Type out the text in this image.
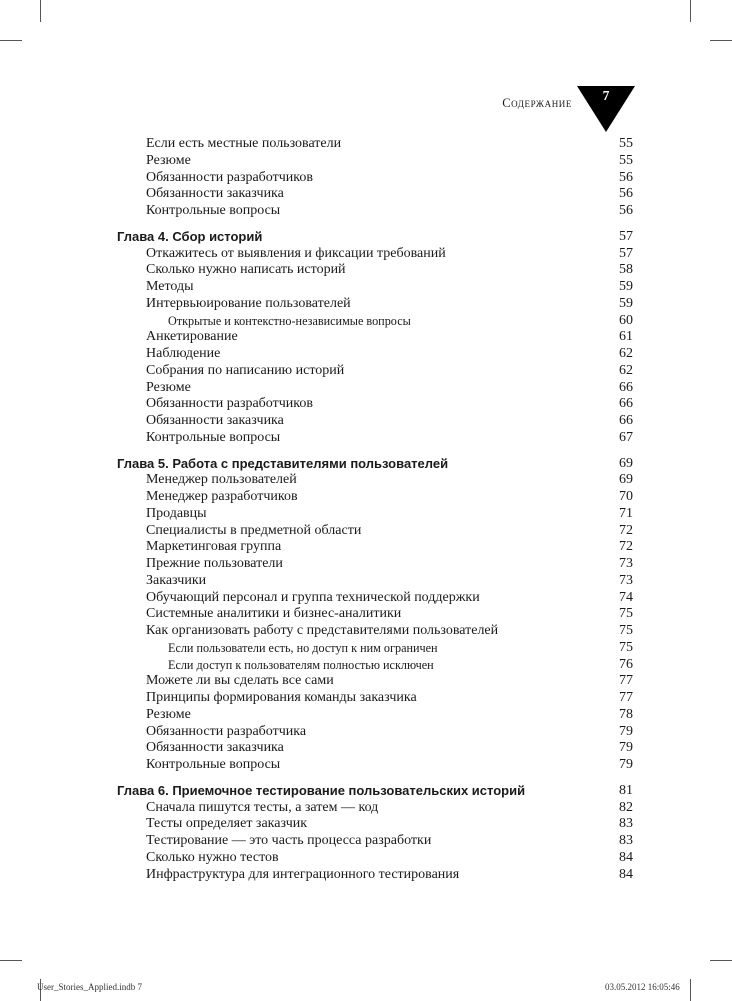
Содержание	7
Если есть местные пользователи	55
Резюме	55
Обязанности разработчиков	56
Обязанности заказчика	56
Контрольные вопросы	56
Глава 4. Сбор историй	57
Откажитесь от выявления и фиксации требований	57
Сколько нужно написать историй	58
Методы	59
Интервьюирование пользователей	59
Открытые и контекстно-независимые вопросы	60
Анкетирование	61
Наблюдение	62
Собрания по написанию историй	62
Резюме	66
Обязанности разработчиков	66
Обязанности заказчика	66
Контрольные вопросы	67
Глава 5. Работа с представителями пользователей	69
Менеджер пользователей	69
Менеджер разработчиков	70
Продавцы	71
Специалисты в предметной области	72
Маркетинговая группа	72
Прежние пользователи	73
Заказчики	73
Обучающий персонал и группа технической поддержки	74
Системные аналитики и бизнес-аналитики	75
Как организовать работу с представителями пользователей	75
Если пользователи есть, но доступ к ним ограничен	75
Если доступ к пользователям полностью исключен	76
Можете ли вы сделать все сами	77
Принципы формирования команды заказчика	77
Резюме	78
Обязанности разработчика	79
Обязанности заказчика	79
Контрольные вопросы	79
Глава 6. Приемочное тестирование пользовательских историй	81
Сначала пишутся тесты, а затем — код	82
Тесты определяет заказчик	83
Тестирование — это часть процесса разработки	83
Сколько нужно тестов	84
Инфраструктура для интеграционного тестирования	84
User_Stories_Applied.indb 7	03.05.2012 16:05:46
